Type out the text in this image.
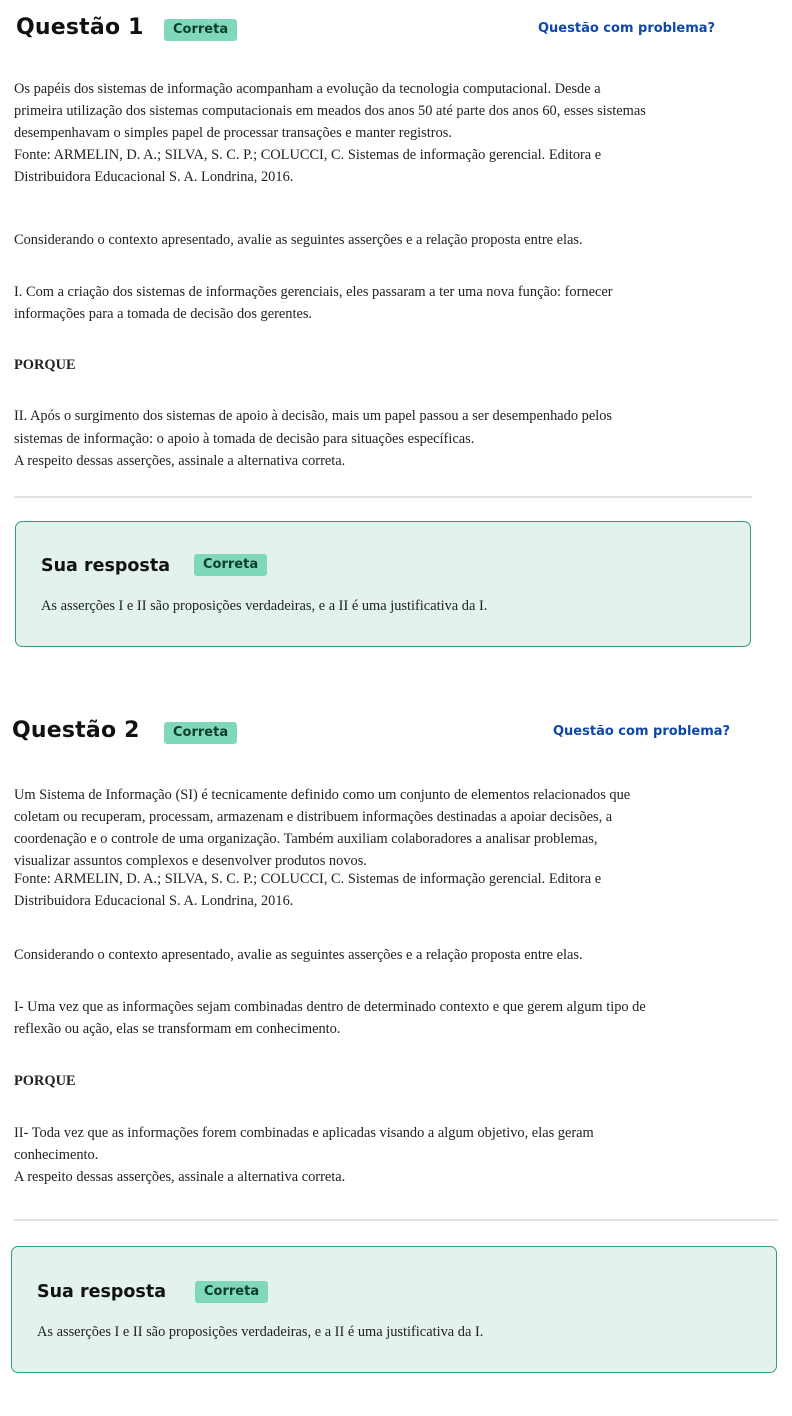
Questão 1	Correta	Questão com problema?

Os papéis dos sistemas de informação acompanham a evolução da tecnologia computacional. Desde a

primeira utilização dos sistemas computacionais em meados dos anos 50 até parte dos anos 60, esses sistemas

desempenhavam o simples papel de processar transações e manter registros.

Fonte: ARMELIN, D. A.; SILVA, S. C. P.; COLUCCI, C. Sistemas de informação gerencial. Editora e

Distribuidora Educacional S. A. Londrina, 2016.

Considerando o contexto apresentado, avalie as seguintes asserções e a relação proposta entre elas.

I. Com a criação dos sistemas de informações gerenciais, eles passaram a ter uma nova função: fornecer

informações para a tomada de decisão dos gerentes.

PORQUE

II. Após o surgimento dos sistemas de apoio à decisão, mais um papel passou a ser desempenhado pelos

sistemas de informação: o apoio à tomada de decisão para situações específicas.

A respeito dessas asserções, assinale a alternativa correta.

Sua resposta	Correta

As asserções I e II são proposições verdadeiras, e a II é uma justificativa da I.

Questão 2	Correta	Questão com problema?

Um Sistema de Informação (SI) é tecnicamente definido como um conjunto de elementos relacionados que

coletam ou recuperam, processam, armazenam e distribuem informações destinadas a apoiar decisões, a

coordenação e o controle de uma organização. Também auxiliam colaboradores a analisar problemas,

visualizar assuntos complexos e desenvolver produtos novos.

Fonte: ARMELIN, D. A.; SILVA, S. C. P.; COLUCCI, C. Sistemas de informação gerencial. Editora e

Distribuidora Educacional S. A. Londrina, 2016.

Considerando o contexto apresentado, avalie as seguintes asserções e a relação proposta entre elas.

I- Uma vez que as informações sejam combinadas dentro de determinado contexto e que gerem algum tipo de

reflexão ou ação, elas se transformam em conhecimento.

PORQUE

II- Toda vez que as informações forem combinadas e aplicadas visando a algum objetivo, elas geram

conhecimento.

A respeito dessas asserções, assinale a alternativa correta.

Sua resposta	Correta

As asserções I e II são proposições verdadeiras, e a II é uma justificativa da I.
